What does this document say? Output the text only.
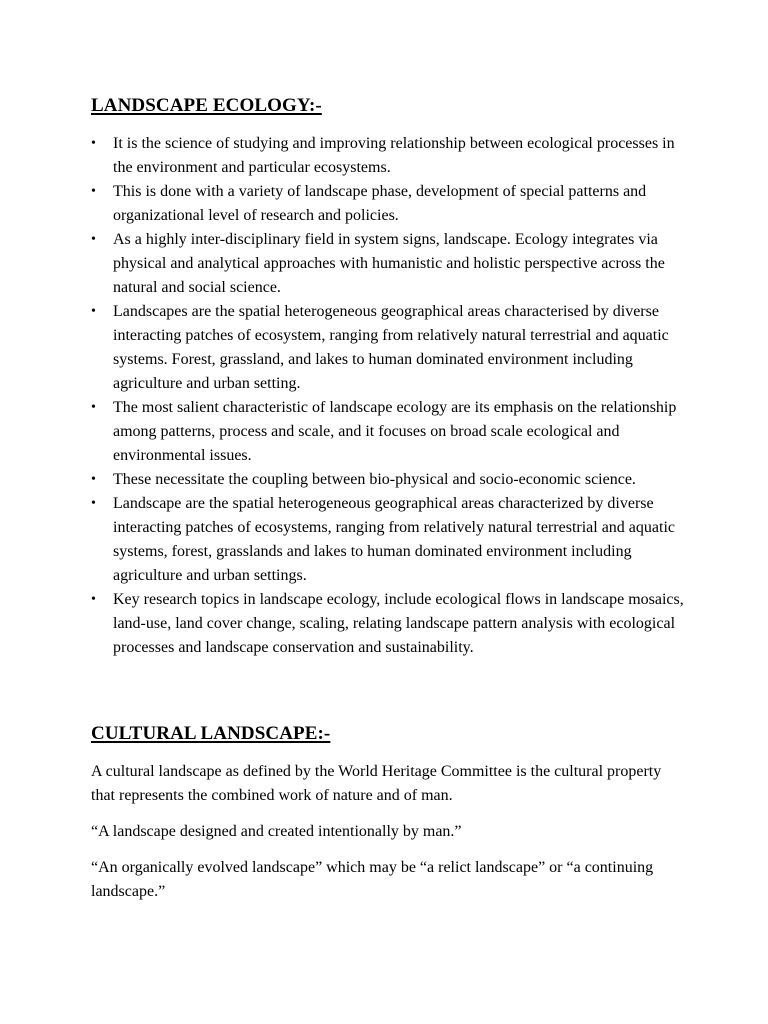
LANDSCAPE ECOLOGY:-
•	It is the science of studying and improving relationship between ecological processes in the environment and particular ecosystems.
•	This is done with a variety of landscape phase, development of special patterns and organizational level of research and policies.
•	As a highly inter-disciplinary field in system signs, landscape. Ecology integrates via physical and analytical approaches with humanistic and holistic perspective across the natural and social science.
•	Landscapes are the spatial heterogeneous geographical areas characterised by diverse interacting patches of ecosystem, ranging from relatively natural terrestrial and aquatic systems. Forest, grassland, and lakes to human dominated environment including agriculture and urban setting.
•	The most salient characteristic of landscape ecology are its emphasis on the relationship among patterns, process and scale, and it focuses on broad scale ecological and environmental issues.
•	These necessitate the coupling between bio-physical and socio-economic science.
•	Landscape are the spatial heterogeneous geographical areas characterized by diverse interacting patches of ecosystems, ranging from relatively natural terrestrial and aquatic systems, forest, grasslands and lakes to human dominated environment including agriculture and urban settings.
•	Key research topics in landscape ecology, include ecological flows in landscape mosaics, land-use, land cover change, scaling, relating landscape pattern analysis with ecological processes and landscape conservation and sustainability.
CULTURAL LANDSCAPE:-

A cultural landscape as defined by the World Heritage Committee is the cultural property that represents the combined work of nature and of man.

“A landscape designed and created intentionally by man.”

“An organically evolved landscape” which may be “a relict landscape” or “a continuing landscape.”
